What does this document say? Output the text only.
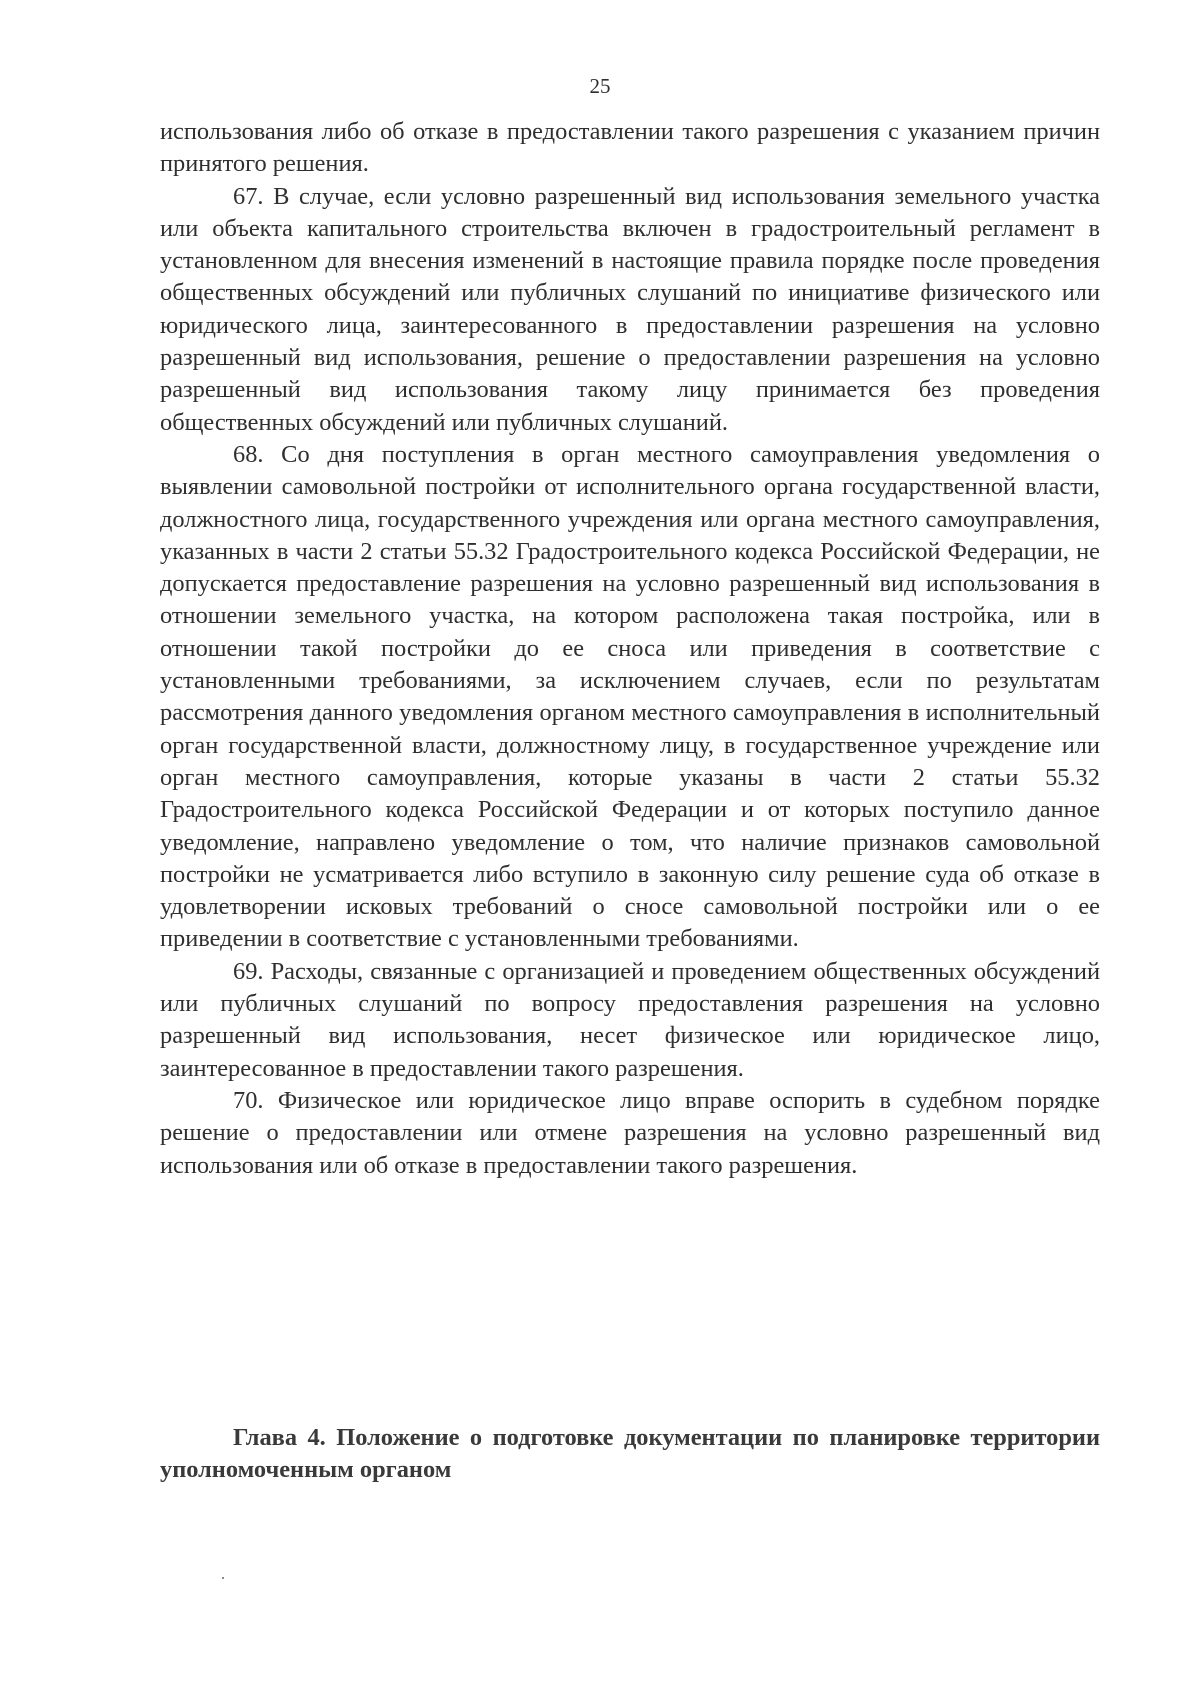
25

использования либо об отказе в предоставлении такого разрешения с указанием причин принятого решения.

67. В случае, если условно разрешенный вид использования земельного участка или объекта капитального строительства включен в градостроительный регламент в установленном для внесения изменений в настоящие правила порядке после проведения общественных обсуждений или публичных слушаний по инициативе физического или юридического лица, заинтересованного в предоставлении разрешения на условно разрешенный вид использования, решение о предоставлении разрешения на условно разрешенный вид использования такому лицу принимается без проведения общественных обсуждений или публичных слушаний.

68. Со дня поступления в орган местного самоуправления уведомления о выявлении самовольной постройки от исполнительного органа государственной власти, должностного лица, государственного учреждения или органа местного самоуправления, указанных в части 2 статьи 55.32 Градостроительного кодекса Российской Федерации, не допускается предоставление разрешения на условно разрешенный вид использования в отношении земельного участка, на котором расположена такая постройка, или в отношении такой постройки до ее сноса или приведения в соответствие с установленными требованиями, за исключением случаев, если по результатам рассмотрения данного уведомления органом местного самоуправления в исполнительный орган государственной власти, должностному лицу, в государственное учреждение или орган местного самоуправления, которые указаны в части 2 статьи 55.32 Градостроительного кодекса Российской Федерации и от которых поступило данное уведомление, направлено уведомление о том, что наличие признаков самовольной постройки не усматривается либо вступило в законную силу решение суда об отказе в удовлетворении исковых требований о сносе самовольной постройки или о ее приведении в соответствие с установленными требованиями.

69. Расходы, связанные с организацией и проведением общественных обсуждений или публичных слушаний по вопросу предоставления разрешения на условно разрешенный вид использования, несет физическое или юридическое лицо, заинтересованное в предоставлении такого разрешения.

70. Физическое или юридическое лицо вправе оспорить в судебном порядке решение о предоставлении или отмене разрешения на условно разрешенный вид использования или об отказе в предоставлении такого разрешения.

Глава 4. Положение о подготовке документации по планировке территории уполномоченным органом
